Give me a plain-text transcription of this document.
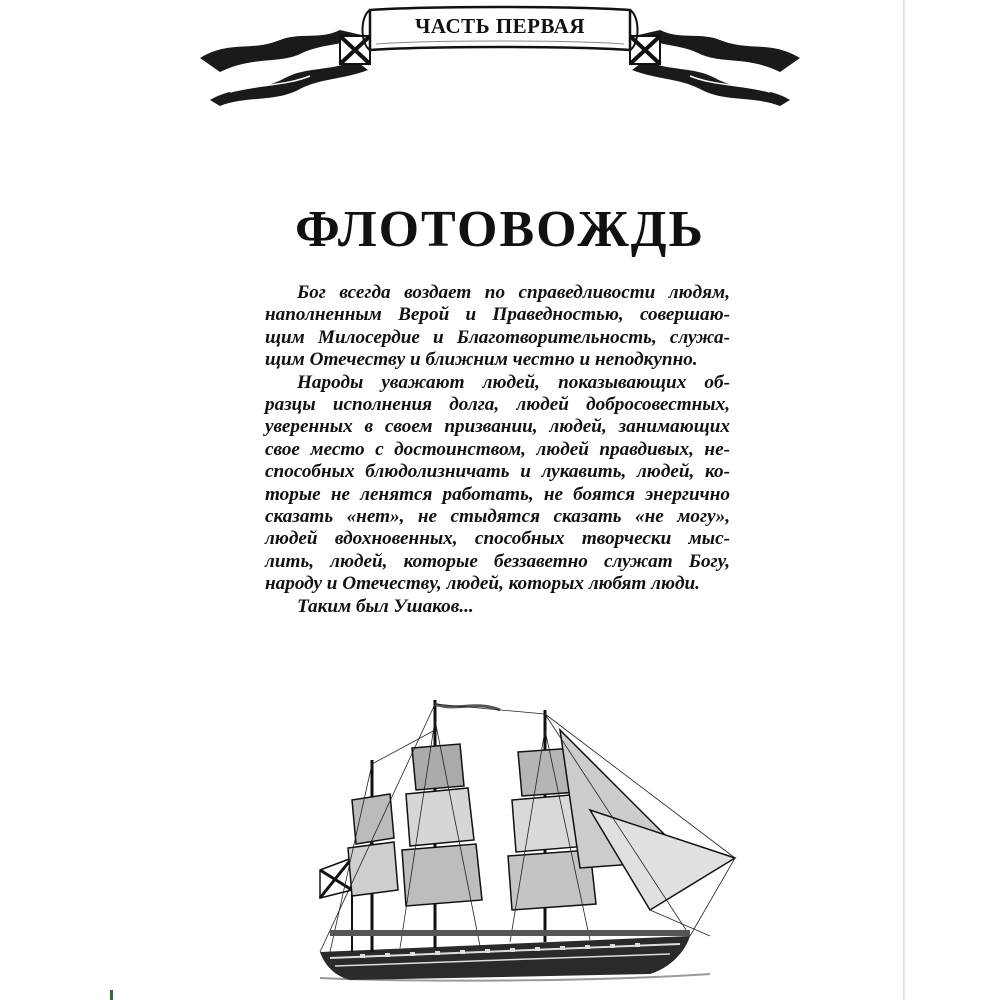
ЧАСТЬ ПЕРВАЯ
ФЛОТОВОЖДЬ
Бог всегда воздает по справедливости людям,
наполненным Верой и Праведностью, совершаю-
щим Милосердие и Благотворительность, служа-
щим Отечеству и ближним честно и неподкупно.
Народы уважают людей, показывающих об-
разцы исполнения долга, людей добросовестных,
уверенных в своем призвании, людей, занимающих
свое место с достоинством, людей правдивых, не-
способных блюдолизничать и лукавить, людей, ко-
торые не ленятся работать, не боятся энергично
сказать «нет», не стыдятся сказать «не могу»,
людей вдохновенных, способных творчески мыс-
лить, людей, которые беззаветно служат Богу,
народу и Отечеству, людей, которых любят люди.
Таким был Ушаков...
